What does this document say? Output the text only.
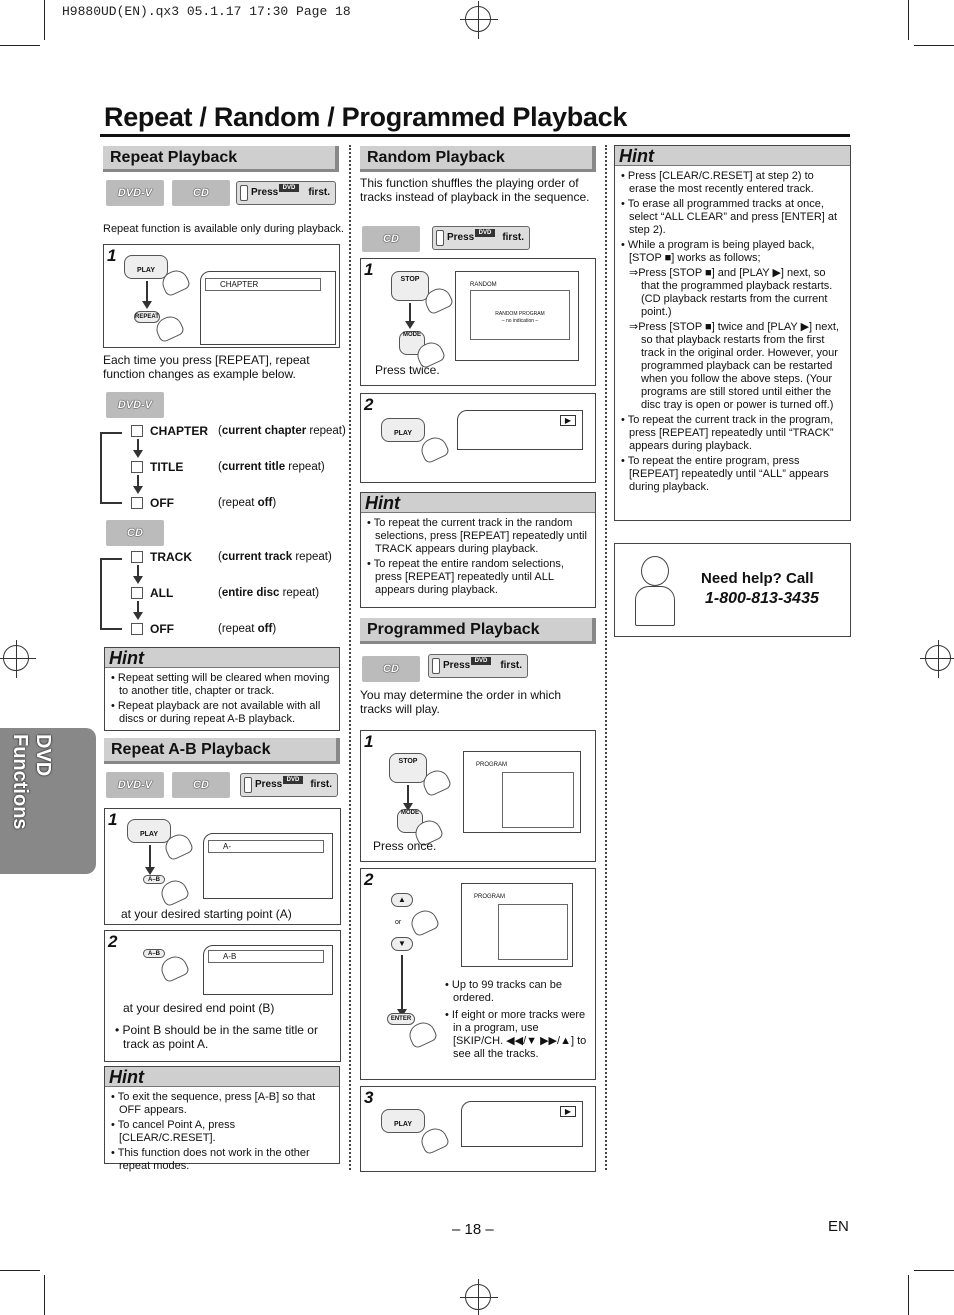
H9880UD(EN).qx3 05.1.17 17:30 Page 18
Repeat / Random / Programmed Playback
DVD Functions
Repeat Playback
DVD-V	CD	Press DVD	first.
Repeat function is available only during playback.
1
PLAY
REPEAT
CHAPTER
Each time you press [REPEAT], repeat function changes as example below.
DVD-V
CHAPTER (current chapter repeat)
TITLE	(current title repeat)
OFF	(repeat off)
CD
TRACK (current track repeat)
ALL	(entire disc repeat)
OFF	(repeat off)
Hint

• Repeat setting will be cleared when moving to another title, chapter or track.

• Repeat playback are not available with all discs or during repeat A-B playback.

Repeat A-B Playback
DVD-V	CD	Press DVD	first.
1
PLAY
A–B
A-
at your desired starting point (A)
2
A–B	A-B
at your desired end point (B)
• Point B should be in the same title or track as point A.
Hint

• To exit the sequence, press [A-B] so that OFF appears.

• To cancel Point A, press [CLEAR/C.RESET].

• This function does not work in the other repeat modes.

Random Playback
This function shuffles the playing order of tracks instead of playback in the sequence.
CD	Press DVD	first.
1
STOP
MODE
RANDOM
RANDOM PROGRAM
– no indication –
Press twice.
2
PLAY
▶
Hint

• To repeat the current track in the random selections, press [REPEAT] repeatedly until TRACK appears during playback.

• To repeat the entire random selections, press [REPEAT] repeatedly until ALL appears during playback.

Programmed Playback
CD	Press DVD	first.
You may determine the order in which tracks will play.
1
STOP
MODE
PROGRAM
Press once.
2
▲
or
▼
ENTER
PROGRAM
• Up to 99 tracks can be ordered.
• If eight or more tracks were in a program, use [SKIP/CH. ◀◀/▼ ▶▶/▲] to see all the tracks.
3
PLAY
▶
Hint

• Press [CLEAR/C.RESET] at step 2) to erase the most recently entered track.

• To erase all programmed tracks at once, select “ALL CLEAR” and press [ENTER] at step 2).

• While a program is being played back, [STOP ■] works as follows;

⇒Press [STOP ■] and [PLAY ▶] next, so that the programmed playback restarts. (CD playback restarts from the current point.)

⇒Press [STOP ■] twice and [PLAY ▶] next, so that playback restarts from the first track in the original order. However, your programmed playback can be restarted when you follow the above steps. (Your programs are still stored until either the disc tray is open or power is turned off.)

• To repeat the current track in the program, press [REPEAT] repeatedly until “TRACK” appears during playback.

• To repeat the entire program, press [REPEAT] repeatedly until “ALL” appears during playback.

Need help? Call
1-800-813-3435
– 18 –	EN
